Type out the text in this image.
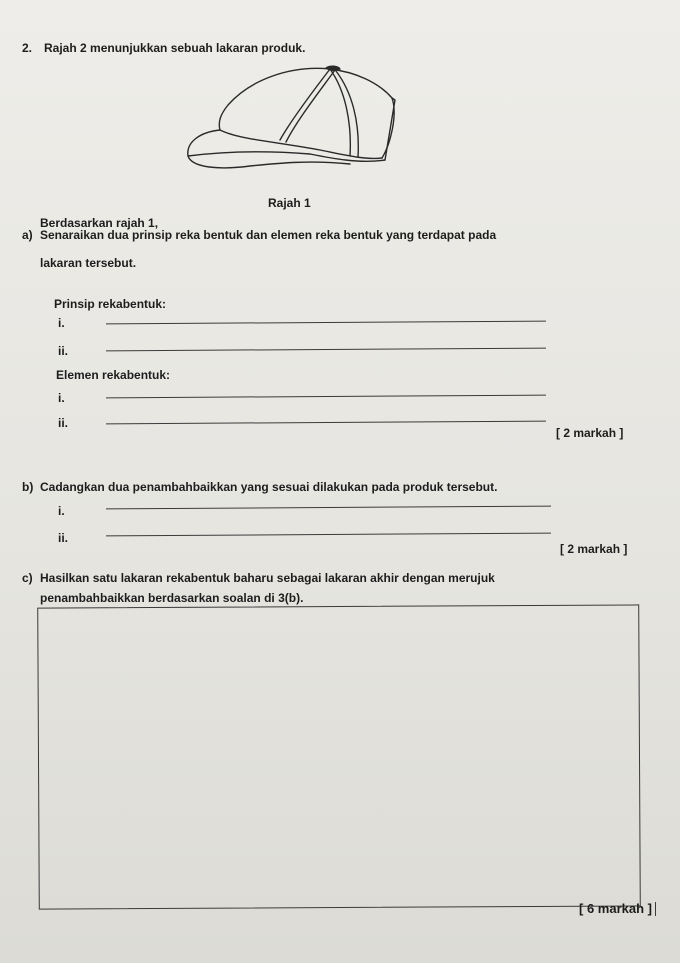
2. Rajah 2 menunjukkan sebuah lakaran produk.
Rajah 1
Berdasarkan rajah 1,
a) Senaraikan dua prinsip reka bentuk dan elemen reka bentuk yang terdapat pada
lakaran tersebut.
Prinsip rekabentuk:
i.
ii.
Elemen rekabentuk:
i.
ii.
[ 2 markah ]
b) Cadangkan dua penambahbaikkan yang sesuai dilakukan pada produk tersebut.
i.
ii.
[ 2 markah ]
c) Hasilkan satu lakaran rekabentuk baharu sebagai lakaran akhir dengan merujuk
penambahbaikkan berdasarkan soalan di 3(b).
[ 6 markah ]
